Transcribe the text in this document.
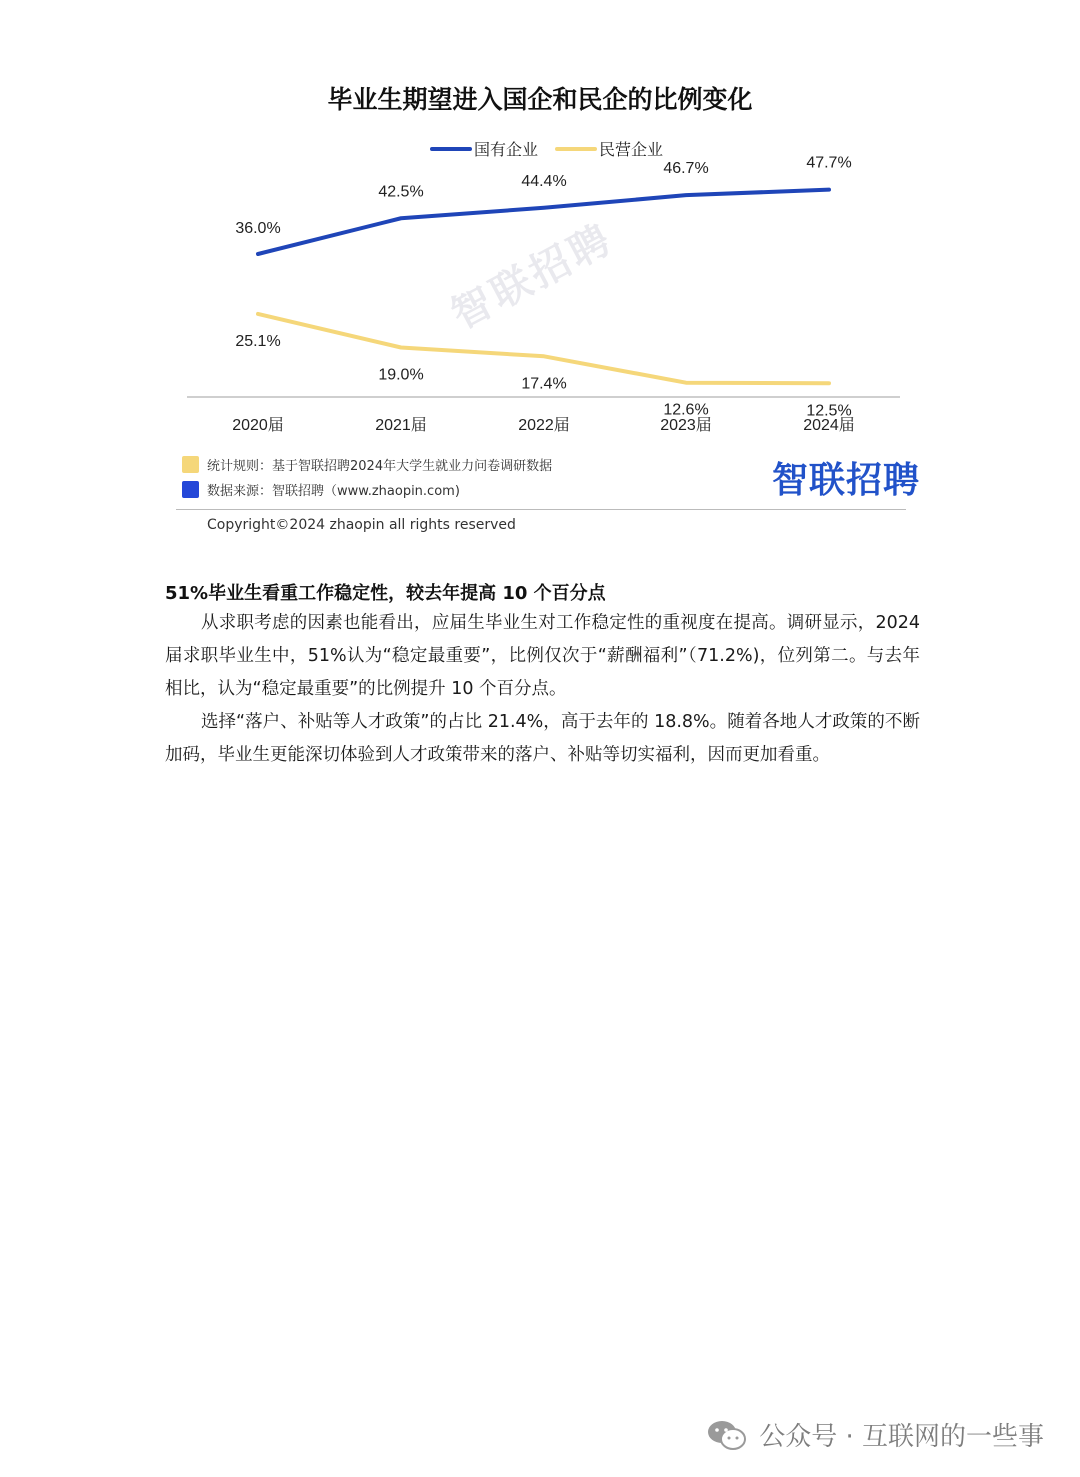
毕业生期望进入国企和民企的比例变化
国有企业	民营企业
智联招聘
36.0%
42.5%
44.4%
46.7%	47.7%
25.1%
19.0%
17.4%
12.6%	12.5%
2020届	2021届	2022届	2023届	2024届
统计规则：基于智联招聘2024年大学生就业力问卷调研数据
数据来源：智联招聘（www.zhaopin.com)	智联招聘
Copyright©2024 zhaopin all rights reserved
51%毕业生看重工作稳定性，较去年提高 10 个百分点
从求职考虑的因素也能看出，应届生毕业生对工作稳定性的重视度在提高。调研显示，2024 届求职毕业生中，51%认为“稳定最重要”，比例仅次于“薪酬福利”（71.2%)，位列第二。与去年相比，认为“稳定最重要”的比例提升 10 个百分点。
选择“落户、补贴等人才政策”的占比 21.4%，高于去年的 18.8%。随着各地人才政策的不断加码，毕业生更能深切体验到人才政策带来的落户、补贴等切实福利，因而更加看重。
公众号 · 互联网的一些事
